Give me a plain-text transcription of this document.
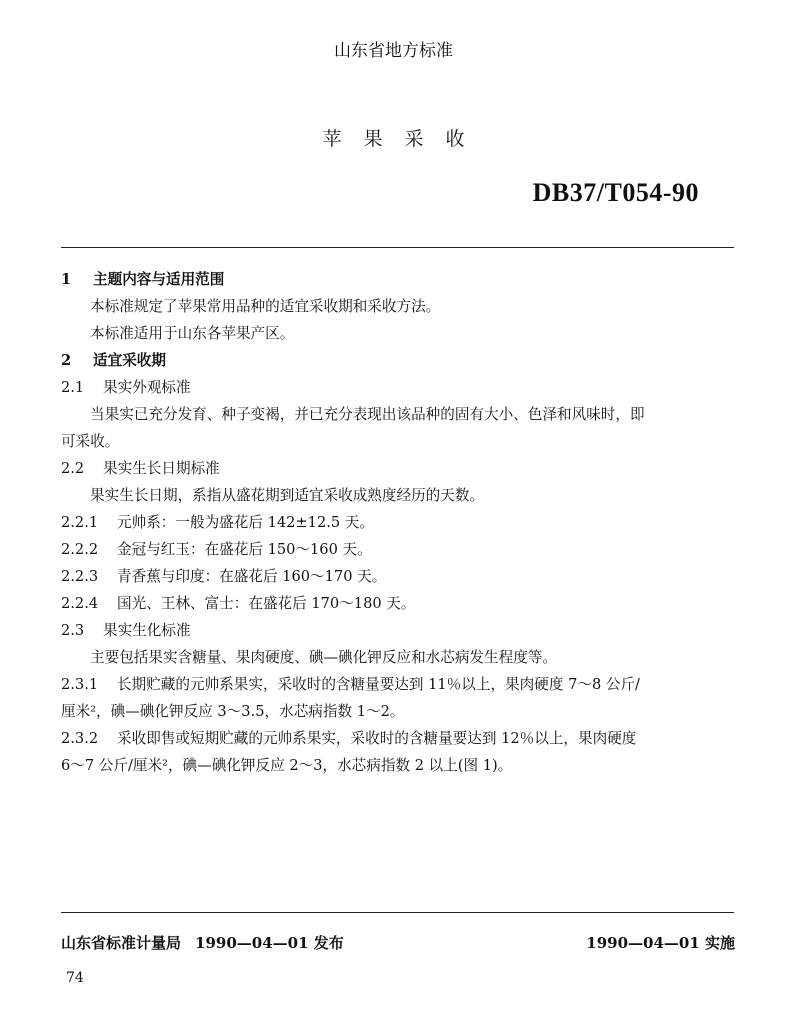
山东省地方标准
苹果采收
DB37/T054-90
1 主题内容与适用范围
本标准规定了苹果常用品种的适宜采收期和采收方法。
本标准适用于山东各苹果产区。
2 适宜采收期
2.1 果实外观标准
当果实已充分发育、种子变褐，并已充分表现出该品种的固有大小、色泽和风味时，即
可采收。
2.2 果实生长日期标准
果实生长日期，系指从盛花期到适宜采收成熟度经历的天数。
2.2.1 元帅系：一般为盛花后 142±12.5 天。
2.2.2 金冠与红玉：在盛花后 150～160 天。
2.2.3 青香蕉与印度：在盛花后 160～170 天。
2.2.4 国光、王林、富士：在盛花后 170～180 天。
2.3 果实生化标准
主要包括果实含糖量、果肉硬度、碘—碘化钾反应和水芯病发生程度等。
2.3.1 长期贮藏的元帅系果实，采收时的含糖量要达到 11％以上，果肉硬度 7～8 公斤/
厘米²，碘—碘化钾反应 3～3.5，水芯病指数 1～2。
2.3.2 采收即售或短期贮藏的元帅系果实，采收时的含糖量要达到 12％以上，果肉硬度
6～7 公斤/厘米²，碘—碘化钾反应 2～3，水芯病指数 2 以上(图 1)。
山东省标准计量局 1990—04—01 发布	1990—04—01 实施
74
